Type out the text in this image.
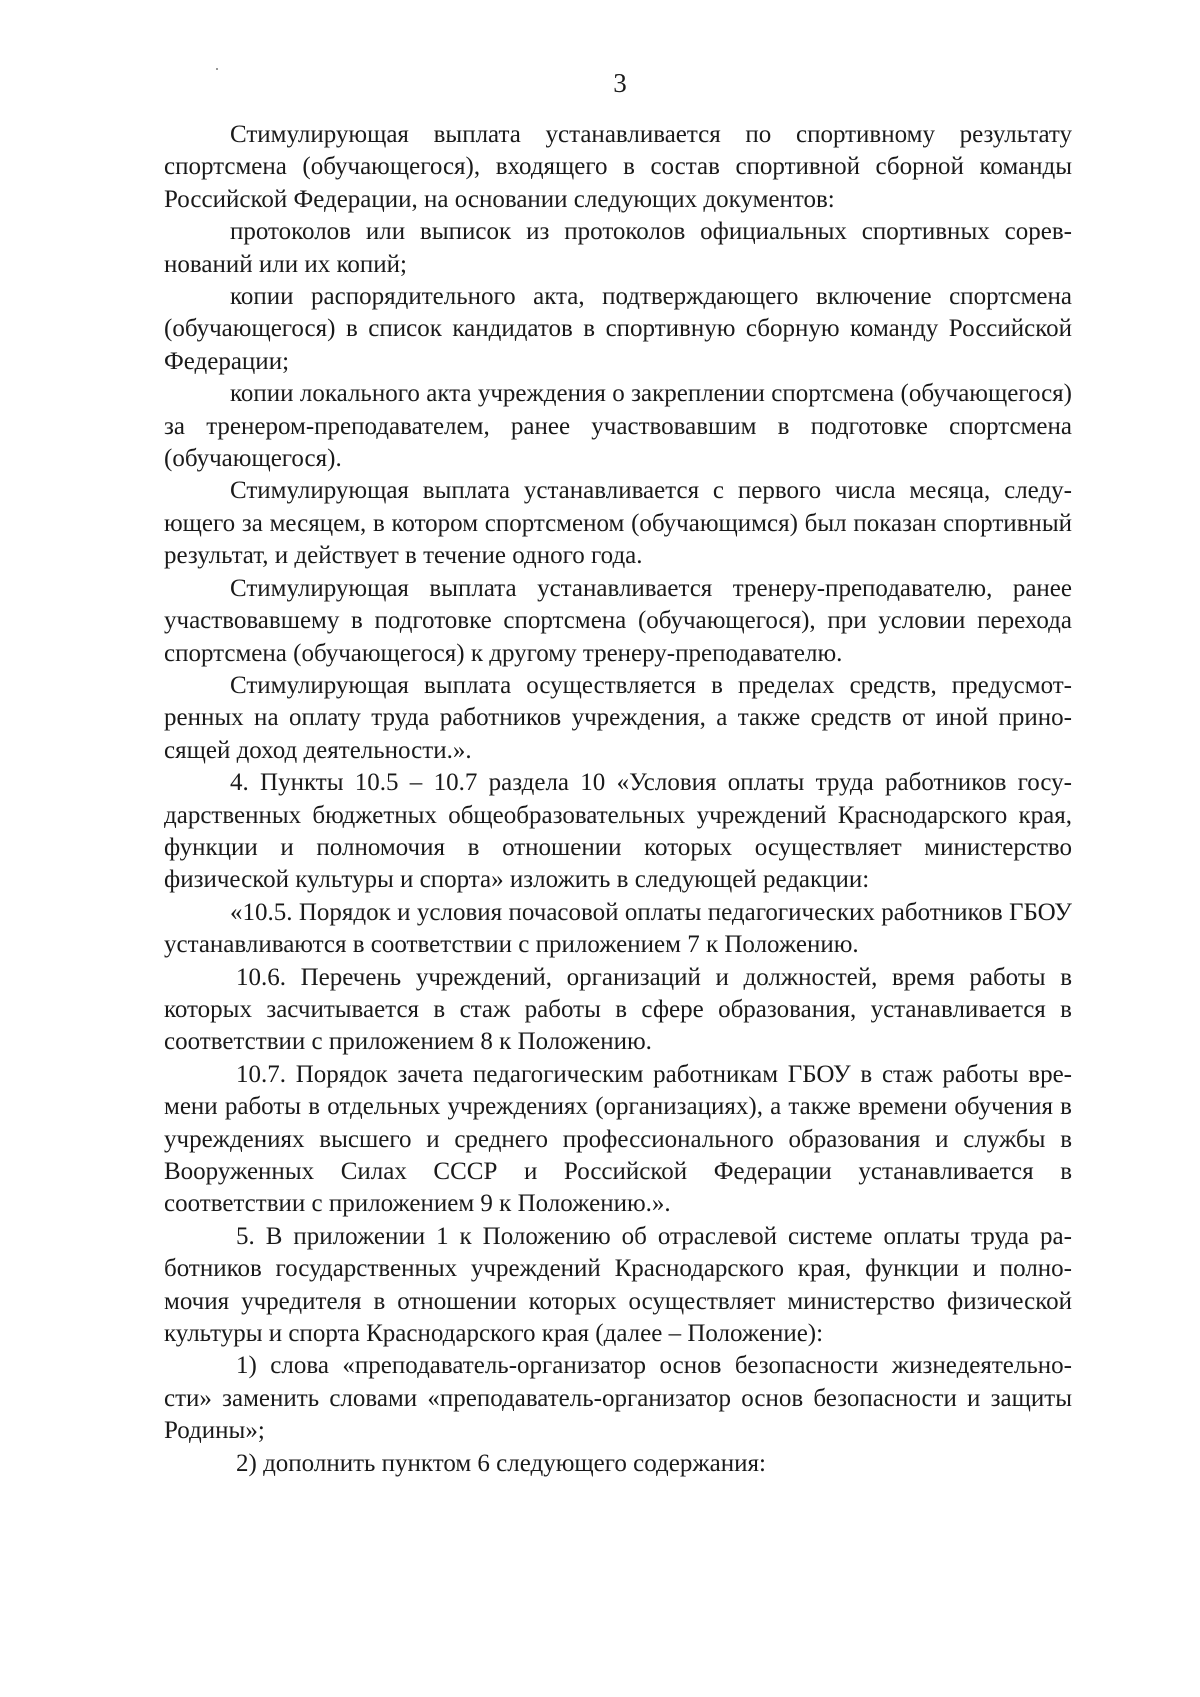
3

Стимулирующая выплата устанавливается по спортивному результату спортсмена (обучающегося), входящего в состав спортивной сборной команды Российской Федерации, на основании следующих документов:

протоколов или выписок из протоколов официальных спортивных соревнований или их копий;

копии распорядительного акта, подтверждающего включение спортсмена (обучающегося) в список кандидатов в спортивную сборную команду Российской Федерации;

копии локального акта учреждения о закреплении спортсмена (обучающегося) за тренером-преподавателем, ранее участвовавшим в подготовке спортсмена (обучающегося).

Стимулирующая выплата устанавливается с первого числа месяца, следующего за месяцем, в котором спортсменом (обучающимся) был показан спортивный результат, и действует в течение одного года.

Стимулирующая выплата устанавливается тренеру-преподавателю, ранее участвовавшему в подготовке спортсмена (обучающегося), при условии перехода спортсмена (обучающегося) к другому тренеру-преподавателю.

Стимулирующая выплата осуществляется в пределах средств, предусмотренных на оплату труда работников учреждения, а также средств от иной приносящей доход деятельности.».

4. Пункты 10.5 – 10.7 раздела 10 «Условия оплаты труда работников государственных бюджетных общеобразовательных учреждений Краснодарского края, функции и полномочия в отношении которых осуществляет министерство физической культуры и спорта» изложить в следующей редакции:

«10.5. Порядок и условия почасовой оплаты педагогических работников ГБОУ устанавливаются в соответствии с приложением 7 к Положению.

10.6. Перечень учреждений, организаций и должностей, время работы в которых засчитывается в стаж работы в сфере образования, устанавливается в соответствии с приложением 8 к Положению.

10.7. Порядок зачета педагогическим работникам ГБОУ в стаж работы времени работы в отдельных учреждениях (организациях), а также времени обучения в учреждениях высшего и среднего профессионального образования и службы в Вооруженных Силах СССР и Российской Федерации устанавливается в соответствии с приложением 9 к Положению.».

5. В приложении 1 к Положению об отраслевой системе оплаты труда работников государственных учреждений Краснодарского края, функции и полномочия учредителя в отношении которых осуществляет министерство физической культуры и спорта Краснодарского края (далее – Положение):

1) слова «преподаватель-организатор основ безопасности жизнедеятельности» заменить словами «преподаватель-организатор основ безопасности и защиты Родины»;

2) дополнить пунктом 6 следующего содержания:
